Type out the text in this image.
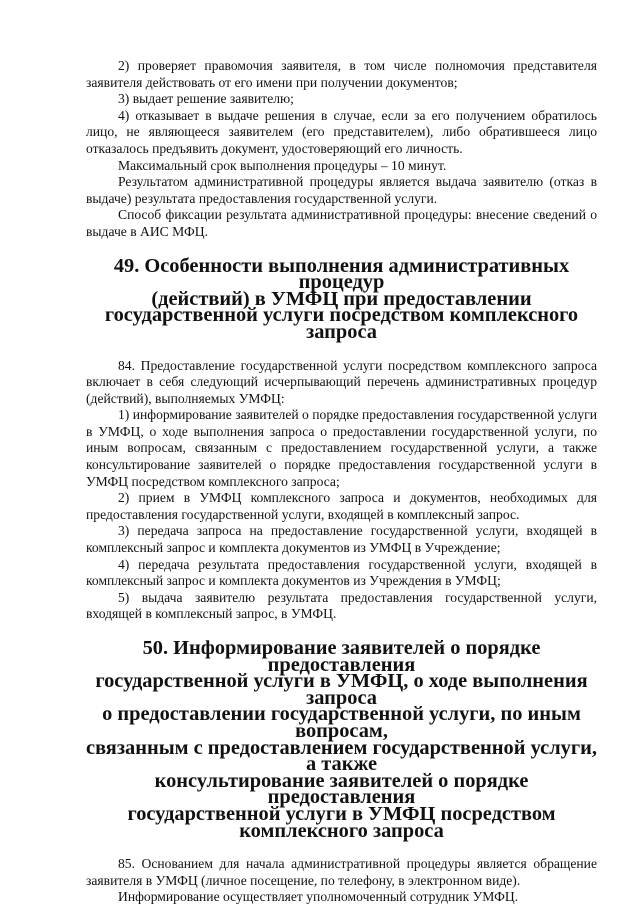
2) проверяет правомочия заявителя, в том числе полномочия представителя заявителя действовать от его имени при получении документов;

3) выдает решение заявителю;

4) отказывает в выдаче решения в случае, если за его получением обратилось лицо, не являющееся заявителем (его представителем), либо обратившееся лицо отказалось предъявить документ, удостоверяющий его личность.

Максимальный срок выполнения процедуры – 10 минут.

Результатом административной процедуры является выдача заявителю (отказ в выдаче) результата предоставления государственной услуги.

Способ фиксации результата административной процедуры: внесение сведений о выдаче в АИС МФЦ.

49. Особенности выполнения административных процедур
(действий) в УМФЦ при предоставлении
государственной услуги посредством комплексного запроса

84. Предоставление государственной услуги посредством комплексного запроса включает в себя следующий исчерпывающий перечень административных процедур (действий), выполняемых УМФЦ:

1) информирование заявителей о порядке предоставления государственной услуги в УМФЦ, о ходе выполнения запроса о предоставлении государственной услуги, по иным вопросам, связанным с предоставлением государственной услуги, а также консультирование заявителей о порядке предоставления государственной услуги в УМФЦ посредством комплексного запроса;

2) прием в УМФЦ комплексного запроса и документов, необходимых для предоставления государственной услуги, входящей в комплексный запрос.

3) передача запроса на предоставление государственной услуги, входящей в комплексный запрос и комплекта документов из УМФЦ в Учреждение;

4) передача результата предоставления государственной услуги, входящей в комплексный запрос и комплекта документов из Учреждения в УМФЦ;

5) выдача заявителю результата предоставления государственной услуги, входящей в комплексный запрос, в УМФЦ.

50. Информирование заявителей о порядке предоставления
государственной услуги в УМФЦ, о ходе выполнения запроса
о предоставлении государственной услуги, по иным вопросам,
связанным с предоставлением государственной услуги, а также
консультирование заявителей о порядке предоставления
государственной услуги в УМФЦ посредством комплексного запроса

85. Основанием для начала административной процедуры является обращение заявителя в УМФЦ (личное посещение, по телефону, в электронном виде).

Информирование осуществляет уполномоченный сотрудник УМФЦ.
